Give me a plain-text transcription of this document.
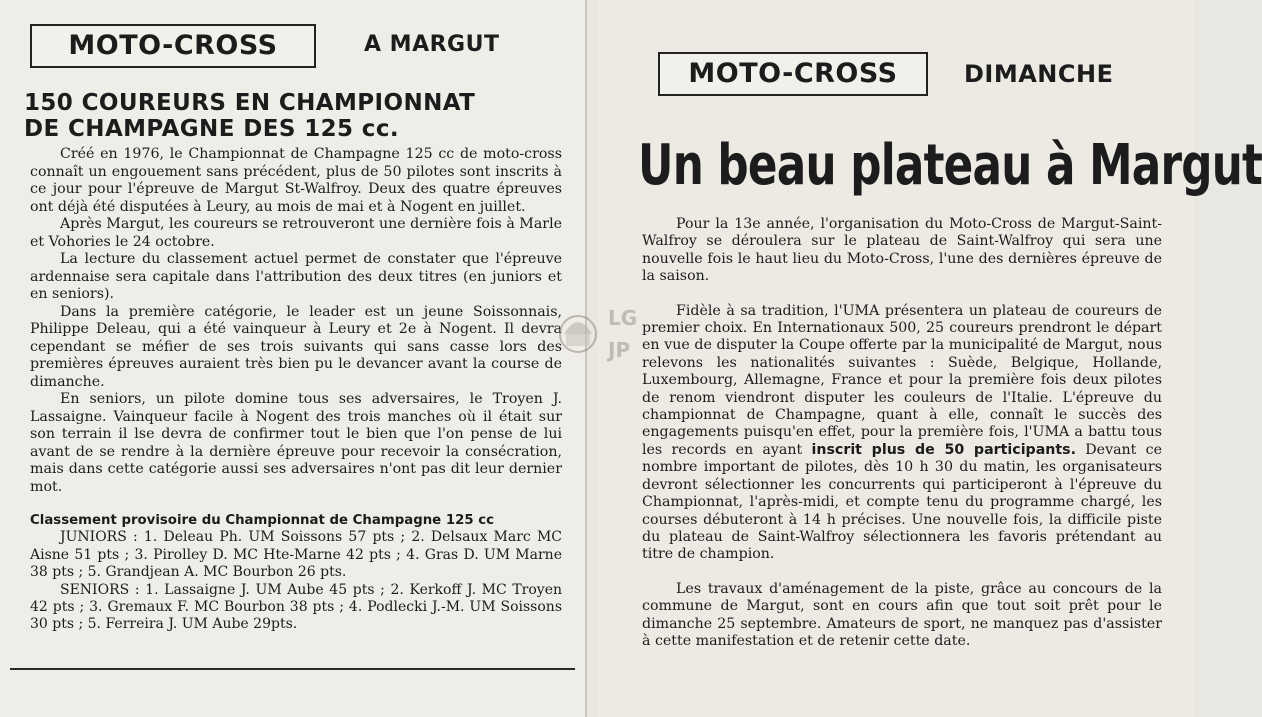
MOTO-CROSS	A MARGUT
150 COUREURS EN CHAMPIONNAT
DE CHAMPAGNE DES 125 cc.

Créé en 1976, le Championnat de Champagne 125 cc de moto-cross connaît un engouement sans précédent, plus de 50 pilotes sont inscrits à ce jour pour l'épreuve de Margut St-Walfroy. Deux des quatre épreuves ont déjà été disputées à Leury, au mois de mai et à Nogent en juillet.

Après Margut, les coureurs se retrouveront une dernière fois à Marle et Vohories le 24 octobre.

La lecture du classement actuel permet de constater que l'épreuve ardennaise sera capitale dans l'attribution des deux titres (en juniors et en seniors).

Dans la première catégorie, le leader est un jeune Soissonnais, Philippe Deleau, qui a été vainqueur à Leury et 2e à Nogent. Il devra cependant se méfier de ses trois suivants qui sans casse lors des premières épreuves auraient très bien pu le devancer avant la course de dimanche.

En seniors, un pilote domine tous ses adversaires, le Troyen J. Lassaigne. Vainqueur facile à Nogent des trois manches où il était sur son terrain il lse devra de confirmer tout le bien que l'on pense de lui avant de se rendre à la dernière épreuve pour recevoir la consécration, mais dans cette catégorie aussi ses adversaires n'ont pas dit leur dernier mot.

Classement provisoire du Championnat de Champagne 125 cc

JUNIORS : 1. Deleau Ph. UM Soissons 57 pts ; 2. Delsaux Marc MC Aisne 51 pts ; 3. Pirolley D. MC Hte-Marne 42 pts ; 4. Gras D. UM Marne 38 pts ; 5. Grandjean A. MC Bourbon 26 pts.

SENIORS : 1. Lassaigne J. UM Aube 45 pts ; 2. Kerkoff J. MC Troyen 42 pts ; 3. Gremaux F. MC Bourbon 38 pts ; 4. Podlecki J.-M. UM Soissons 30 pts ; 5. Ferreira J. UM Aube 29pts.

MOTO-CROSS	DIMANCHE
Un beau plateau à Margut

Pour la 13e année, l'organisation du Moto-Cross de Margut-Saint-Walfroy se déroulera sur le plateau de Saint-Walfroy qui sera une nouvelle fois le haut lieu du Moto-Cross, l'une des dernières épreuve de la saison.

Fidèle à sa tradition, l'UMA présentera un plateau de coureurs de premier choix. En Internationaux 500, 25 coureurs prendront le départ en vue de disputer la Coupe offerte par la municipalité de Margut, nous relevons les nationalités suivantes : Suède, Belgique, Hollande, Luxembourg, Allemagne, France et pour la première fois deux pilotes de renom viendront disputer les couleurs de l'Italie. L'épreuve du championnat de Champagne, quant à elle, connaît le succès des engagements puisqu'en effet, pour la première fois, l'UMA a battu tous les records en ayant inscrit plus de 50 participants. Devant ce nombre important de pilotes, dès 10 h 30 du matin, les organisateurs devront sélectionner les concurrents qui participeront à l'épreuve du Championnat, l'après-midi, et compte tenu du programme chargé, les courses débuteront à 14 h précises. Une nouvelle fois, la difficile piste du plateau de Saint-Walfroy sélectionnera les favoris prétendant au titre de champion.

Les travaux d'aménagement de la piste, grâce au concours de la commune de Margut, sont en cours afin que tout soit prêt pour le dimanche 25 septembre. Amateurs de sport, ne manquez pas d'assister à cette manifestation et de retenir cette date.

LG
JP
